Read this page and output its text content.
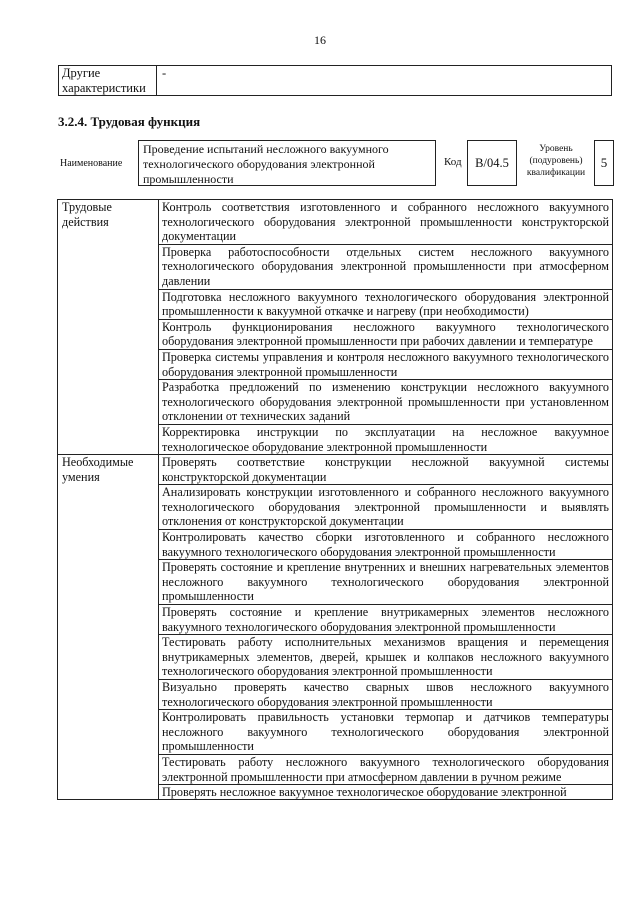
16
Другие характеристики
-
3.2.4. Трудовая функция
Наименование
Проведение испытаний несложного вакуумного технологического оборудования электронной промышленности
Код	B/04.5
Уровень (подуровень) квалификации
5
Трудовые действия	Контроль соответствия изготовленного и собранного несложного вакуумного технологического оборудования электронной промышленности конструкторской документации
	Проверка работоспособности отдельных систем несложного вакуумного технологического оборудования электронной промышленности при атмосферном давлении
	Подготовка несложного вакуумного технологического оборудования электронной промышленности к вакуумной откачке и нагреву (при необходимости)
	Контроль функционирования несложного вакуумного технологического оборудования электронной промышленности при рабочих давлении и температуре
	Проверка системы управления и контроля несложного вакуумного технологического оборудования электронной промышленности
	Разработка предложений по изменению конструкции несложного вакуумного технологического оборудования электронной промышленности при установленном отклонении от технических заданий
	Корректировка инструкции по эксплуатации на несложное вакуумное технологическое оборудование электронной промышленности
Необходимые умения	Проверять соответствие конструкции несложной вакуумной системы конструкторской документации
	Анализировать конструкции изготовленного и собранного несложного вакуумного технологического оборудования электронной промышленности и выявлять отклонения от конструкторской документации
	Контролировать качество сборки изготовленного и собранного несложного вакуумного технологического оборудования электронной промышленности
	Проверять состояние и крепление внутренних и внешних нагревательных элементов несложного вакуумного технологического оборудования электронной промышленности
	Проверять состояние и крепление внутрикамерных элементов несложного вакуумного технологического оборудования электронной промышленности
	Тестировать работу исполнительных механизмов вращения и перемещения внутрикамерных элементов, дверей, крышек и колпаков несложного вакуумного технологического оборудования электронной промышленности
	Визуально проверять качество сварных швов несложного вакуумного технологического оборудования электронной промышленности
	Контролировать правильность установки термопар и датчиков температуры несложного вакуумного технологического оборудования электронной промышленности
	Тестировать работу несложного вакуумного технологического оборудования электронной промышленности при атмосферном давлении в ручном режиме

	Проверять несложное вакуумное технологическое оборудование электронной
